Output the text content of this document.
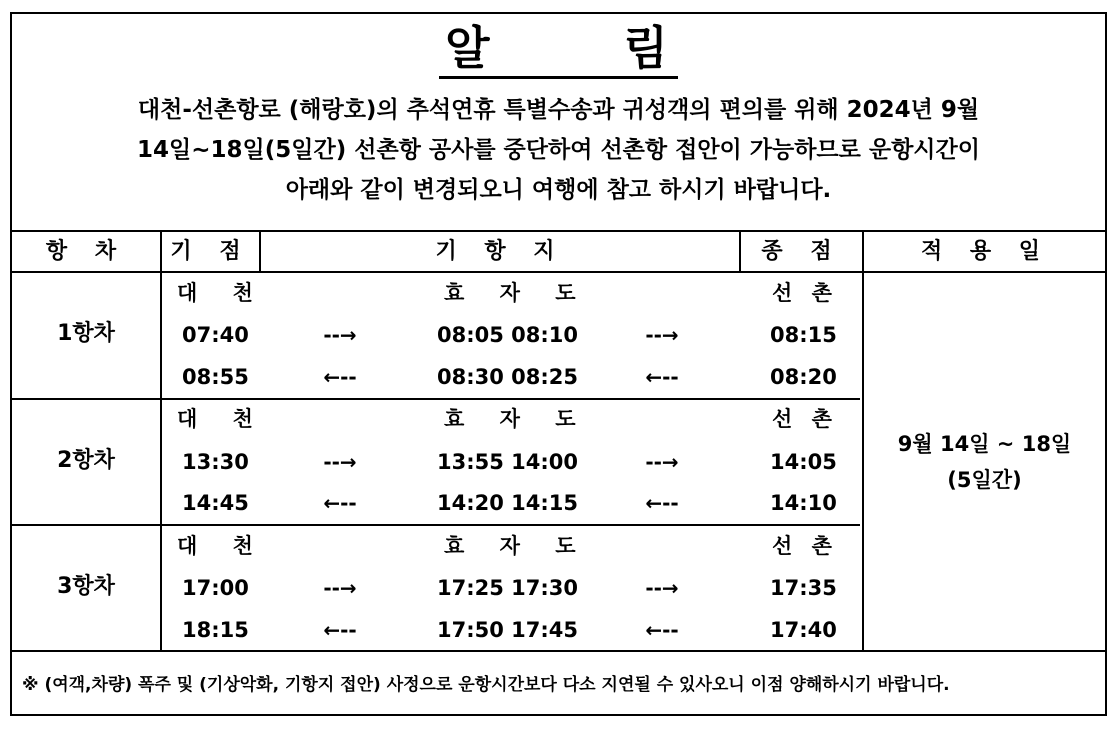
알	림
대천-선촌항로 (해랑호)의 추석연휴 특별수송과 귀성객의 편의를 위해 2024년 9월
14일~18일(5일간) 선촌항 공사를 중단하여 선촌항 접안이 가능하므로 운항시간이
아래와 같이 변경되오니 여행에 참고 하시기 바랍니다.
항 차	기 점	기 항 지	종 점	적 용 일
1항차
대 천	효 자 도	선 촌
07:40	--→	08:05 08:10	--→	08:15
08:55	←--	08:30 08:25	←--	08:20
2항차
대 천	효 자 도	선 촌
13:30	--→	13:55 14:00	--→	14:05
14:45	←--	14:20 14:15	←--	14:10
3항차
대 천	효 자 도	선 촌
17:00	--→	17:25 17:30	--→	17:35
18:15	←--	17:50 17:45	←--	17:40
9월 14일 ~ 18일
(5일간)
※ (여객,차량) 폭주 및 (기상악화, 기항지 접안) 사정으로 운항시간보다 다소 지연될 수 있사오니 이점 양해하시기 바랍니다.
